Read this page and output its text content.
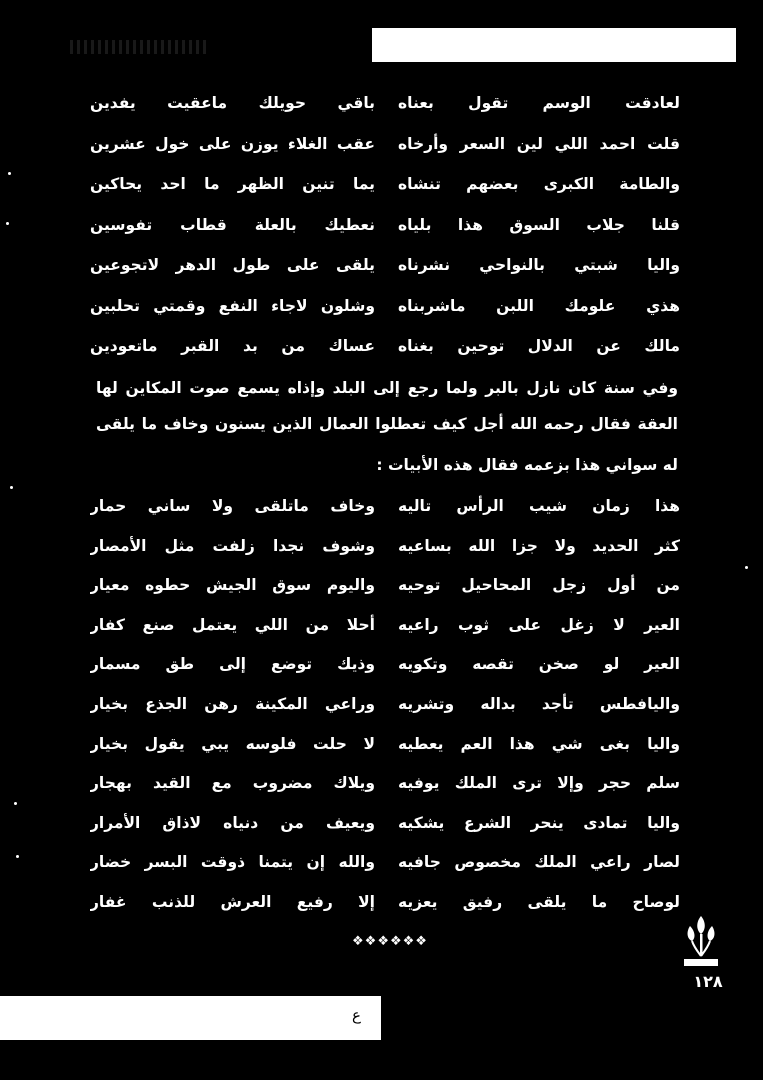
لعادقت الوسم تقول بعناه
باقي حويلك ماعقيت يفدين
قلت احمد اللي لين السعر وأرخاه
عقب الغلاء يوزن على خول عشرين
والطامة الكبرى بعضهم تنشاه
يما تنين الظهر ما احد يحاكين
قلنا جلاب السوق هذا بلياه
نعطيك بالعلة قطاب تفوسين
واليا شبتي بالنواحي نشرناه
يلقى على طول الدهر لاتجوعين
هذي علومك اللبن ماشربناه
وشلون لاجاء النفع وقمتي تحلبين
مالك عن الدلال توحين بغناه
عساك من بد القبر ماتعودين
وفي سنة كان نازل بالبر ولما رجع إلى البلد وإذاه يسمع صوت المكاين لها
العقة فقال رحمه الله أجل كيف تعطلوا العمال الذين يسنون وخاف ما يلقى
له سواني هذا بزعمه فقال هذه الأبيات :
هذا زمان شيب الرأس تاليه
وخاف ماتلقى ولا ساني حمار
كثر الحديد ولا جزا الله بساعيه
وشوف نجدا زلفت مثل الأمصار
من أول زجل المحاحيل توحيه
واليوم سوق الجيش حطوه معيار
العير لا زغل على ثوب راعيه
أحلا من اللي يعتمل صنع كفار
العير لو صخن تقصه وتكويه
وذيك توضع إلى طق مسمار
واليافطس تأجد بداله وتشريه
وراعي المكينة رهن الجذع بخيار
واليا بغى شي هذا العم يعطيه
لا حلت فلوسه يبي يقول بخيار
سلم حجر وإلا ترى الملك يوفيه
ويلاك مضروب مع القيد بهجار
واليا تمادى ينحر الشرع يشكيه
ويعيف من دنياه لاذاق الأمرار
لصار راعي الملك مخصوص جافيه
والله إن يتمنا ذوقت البسر خضار
لوصاح ما يلقى رفيق يعزيه
إلا رفيع العرش للذنب غفار
❖❖❖❖❖❖
١٢٨
ع
